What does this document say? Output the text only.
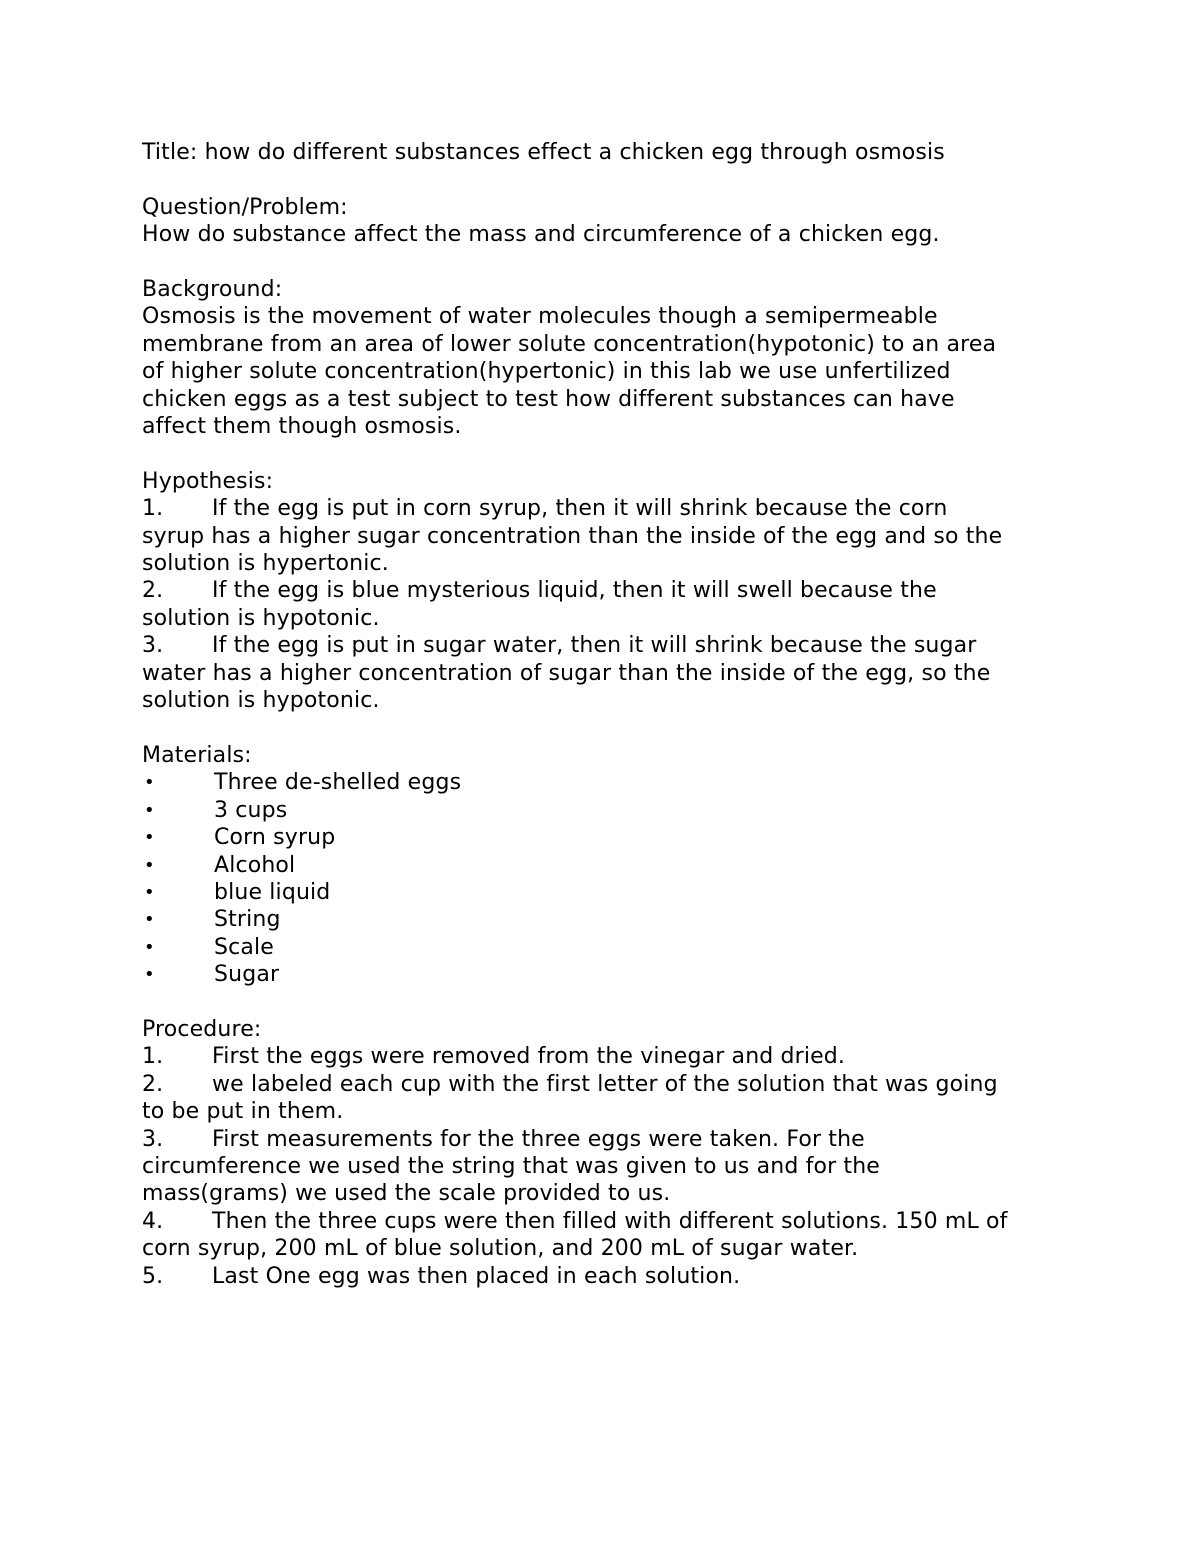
Title: how do different substances effect a chicken egg through osmosis
Question/Problem:
How do substance affect the mass and circumference of a chicken egg.
Background:
Osmosis is the movement of water molecules though a semipermeable
membrane from an area of lower solute concentration(hypotonic) to an area
of higher solute concentration(hypertonic) in this lab we use unfertilized
chicken eggs as a test subject to test how different substances can have
affect them though osmosis.
Hypothesis:
1. If the egg is put in corn syrup, then it will shrink because the corn
syrup has a higher sugar concentration than the inside of the egg and so the
solution is hypertonic.
2. If the egg is blue mysterious liquid, then it will swell because the
solution is hypotonic.
3. If the egg is put in sugar water, then it will shrink because the sugar
water has a higher concentration of sugar than the inside of the egg, so the
solution is hypotonic.
Materials:
•	Three de-shelled eggs
•	3 cups
•	Corn syrup
•	Alcohol
•	blue liquid
•	String
•	Scale
•	Sugar
Procedure:
1. First the eggs were removed from the vinegar and dried.
2. we labeled each cup with the first letter of the solution that was going
to be put in them.
3. First measurements for the three eggs were taken. For the
circumference we used the string that was given to us and for the
mass(grams) we used the scale provided to us.
4. Then the three cups were then filled with different solutions. 150 mL of
corn syrup, 200 mL of blue solution, and 200 mL of sugar water.
5. Last One egg was then placed in each solution.
